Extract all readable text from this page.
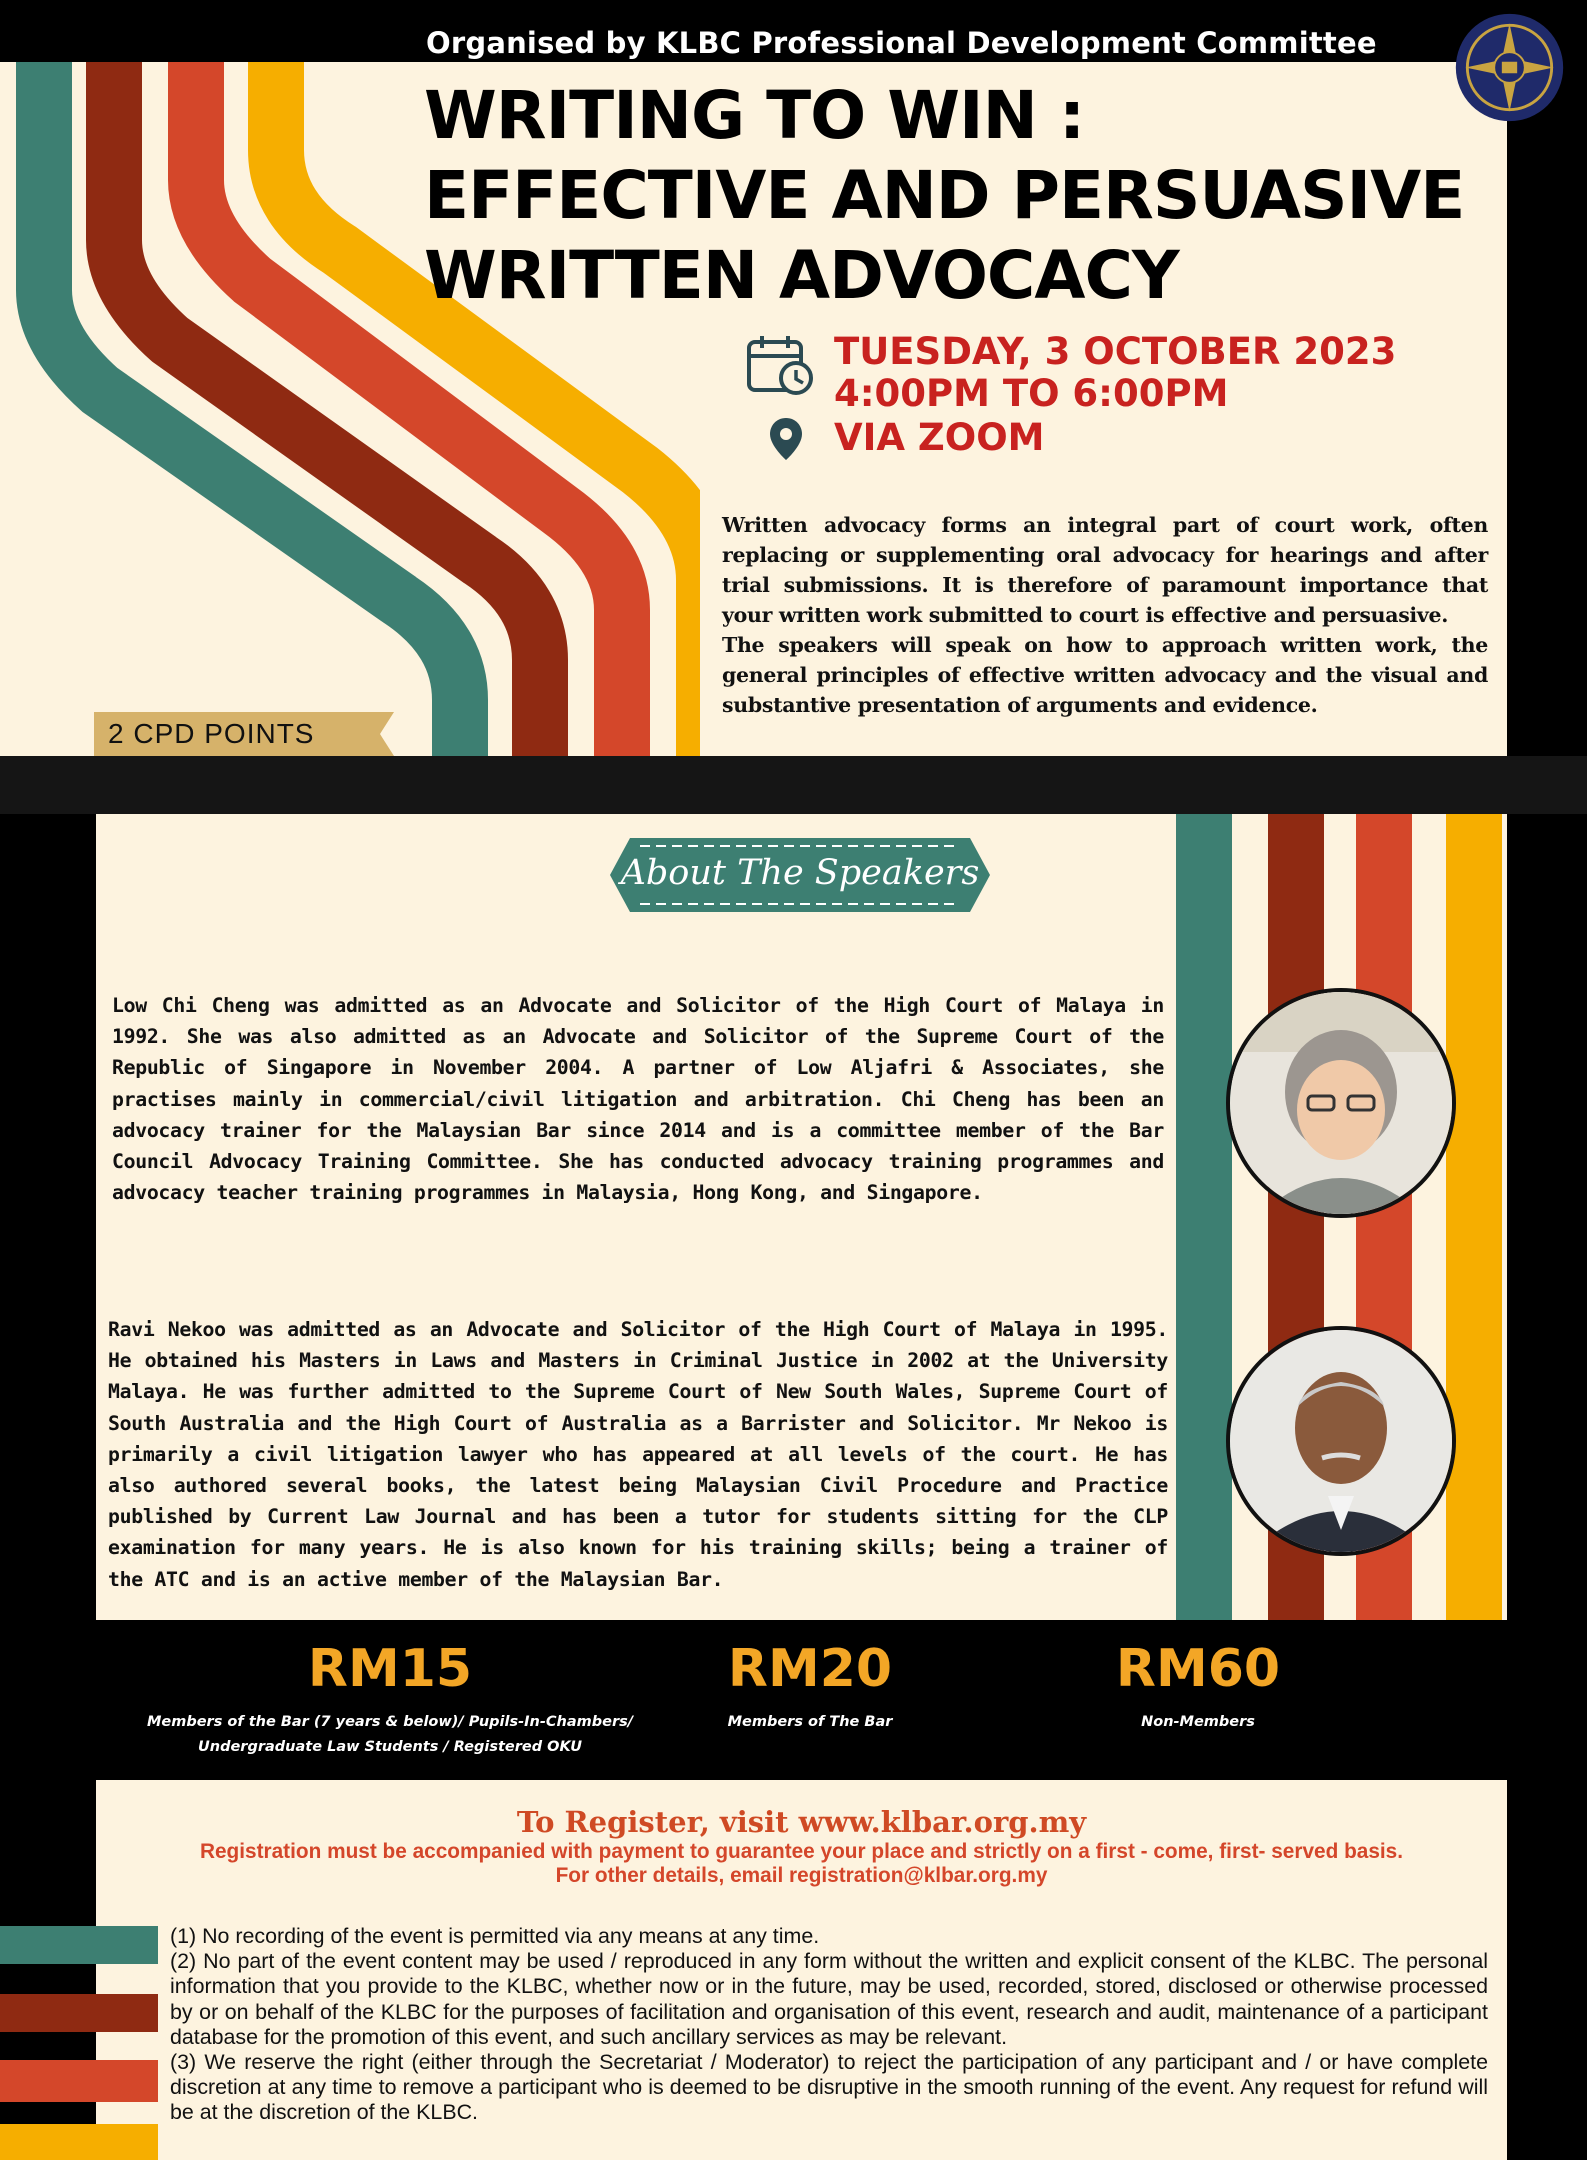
Organised by KLBC Professional Development Committee
WRITING TO WIN :
EFFECTIVE AND PERSUASIVE
WRITTEN ADVOCACY
TUESDAY, 3 OCTOBER 2023
4:00PM TO 6:00PM
VIA ZOOM

Written advocacy forms an integral part of court work, often replacing or supplementing oral advocacy for hearings and after trial submissions. It is therefore of paramount importance that your written work submitted to court is effective and persuasive.

The speakers will speak on how to approach written work, the general principles of effective written advocacy and the visual and substantive presentation of arguments and evidence.

2 CPD POINTS
About The Speakers
Low Chi Cheng was admitted as an Advocate and Solicitor of the High Court of Malaya in 1992. She was also admitted as an Advocate and Solicitor of the Supreme Court of the Republic of Singapore in November 2004. A partner of Low Aljafri & Associates, she practises mainly in commercial/civil litigation and arbitration. Chi Cheng has been an advocacy trainer for the Malaysian Bar since 2014 and is a committee member of the Bar Council Advocacy Training Committee. She has conducted advocacy training programmes and advocacy teacher training programmes in Malaysia, Hong Kong, and Singapore.
Ravi Nekoo was admitted as an Advocate and Solicitor of the High Court of Malaya in 1995. He obtained his Masters in Laws and Masters in Criminal Justice in 2002 at the University Malaya. He was further admitted to the Supreme Court of New South Wales, Supreme Court of South Australia and the High Court of Australia as a Barrister and Solicitor. Mr Nekoo is primarily a civil litigation lawyer who has appeared at all levels of the court. He has also authored several books, the latest being Malaysian Civil Procedure and Practice published by Current Law Journal and has been a tutor for students sitting for the CLP examination for many years. He is also known for his training skills; being a trainer of the ATC and is an active member of the Malaysian Bar.
RM15
Members of the Bar (7 years & below)/ Pupils-In-Chambers/ Undergraduate Law Students / Registered OKU
RM20
Members of The Bar
RM60
Non-Members
To Register, visit www.klbar.org.my
Registration must be accompanied with payment to guarantee your place and strictly on a first - come, first- served basis.
For other details, email registration@klbar.org.my

(1) No recording of the event is permitted via any means at any time.

(2) No part of the event content may be used / reproduced in any form without the written and explicit consent of the KLBC. The personal information that you provide to the KLBC, whether now or in the future, may be used, recorded, stored, disclosed or otherwise processed by or on behalf of the KLBC for the purposes of facilitation and organisation of this event, research and audit, maintenance of a participant database for the promotion of this event, and such ancillary services as may be relevant.

(3) We reserve the right (either through the Secretariat / Moderator) to reject the participation of any participant and / or have complete discretion at any time to remove a participant who is deemed to be disruptive in the smooth running of the event. Any request for refund will be at the discretion of the KLBC.
